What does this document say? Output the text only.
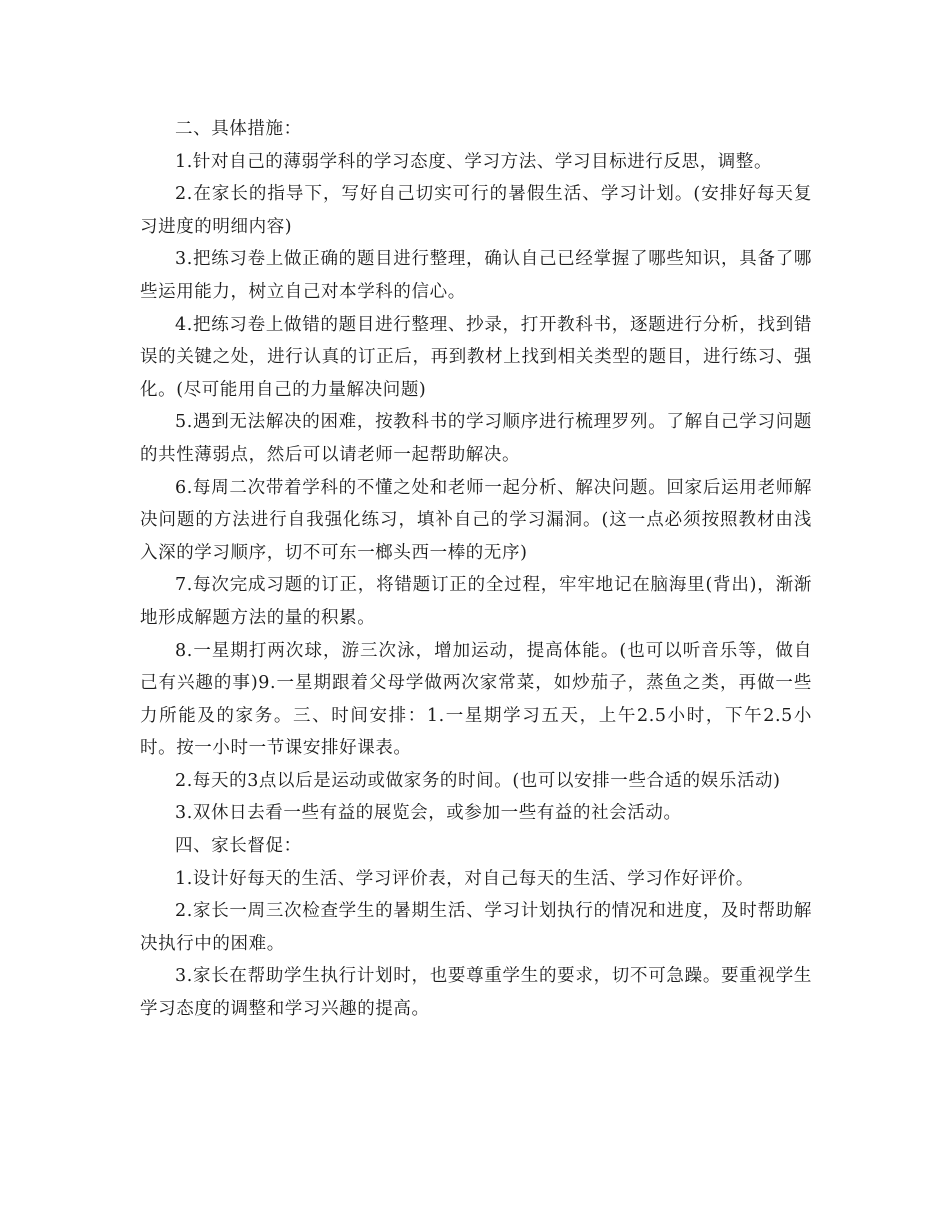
二、具体措施：

1.针对自己的薄弱学科的学习态度、学习方法、学习目标进行反思，调整。

2.在家长的指导下，写好自己切实可行的暑假生活、学习计划。(安排好每天复习进度的明细内容)

3.把练习卷上做正确的题目进行整理，确认自己已经掌握了哪些知识，具备了哪些运用能力，树立自己对本学科的信心。

4.把练习卷上做错的题目进行整理、抄录，打开教科书，逐题进行分析，找到错误的关键之处，进行认真的订正后，再到教材上找到相关类型的题目，进行练习、强化。(尽可能用自己的力量解决问题)

5.遇到无法解决的困难，按教科书的学习顺序进行梳理罗列。了解自己学习问题的共性薄弱点，然后可以请老师一起帮助解决。

6.每周二次带着学科的不懂之处和老师一起分析、解决问题。回家后运用老师解决问题的方法进行自我强化练习，填补自己的学习漏洞。(这一点必须按照教材由浅入深的学习顺序，切不可东一榔头西一棒的无序)

7.每次完成习题的订正，将错题订正的全过程，牢牢地记在脑海里(背出)，渐渐地形成解题方法的量的积累。

8.一星期打两次球，游三次泳，增加运动，提高体能。(也可以听音乐等，做自己有兴趣的事)9.一星期跟着父母学做两次家常菜，如炒茄子，蒸鱼之类，再做一些力所能及的家务。三、时间安排：1.一星期学习五天，上午2.5小时，下午2.5小时。按一小时一节课安排好课表。

2.每天的3点以后是运动或做家务的时间。(也可以安排一些合适的娱乐活动)

3.双休日去看一些有益的展览会，或参加一些有益的社会活动。

四、家长督促：

1.设计好每天的生活、学习评价表，对自己每天的生活、学习作好评价。

2.家长一周三次检查学生的暑期生活、学习计划执行的情况和进度，及时帮助解决执行中的困难。

3.家长在帮助学生执行计划时，也要尊重学生的要求，切不可急躁。要重视学生学习态度的调整和学习兴趣的提高。
